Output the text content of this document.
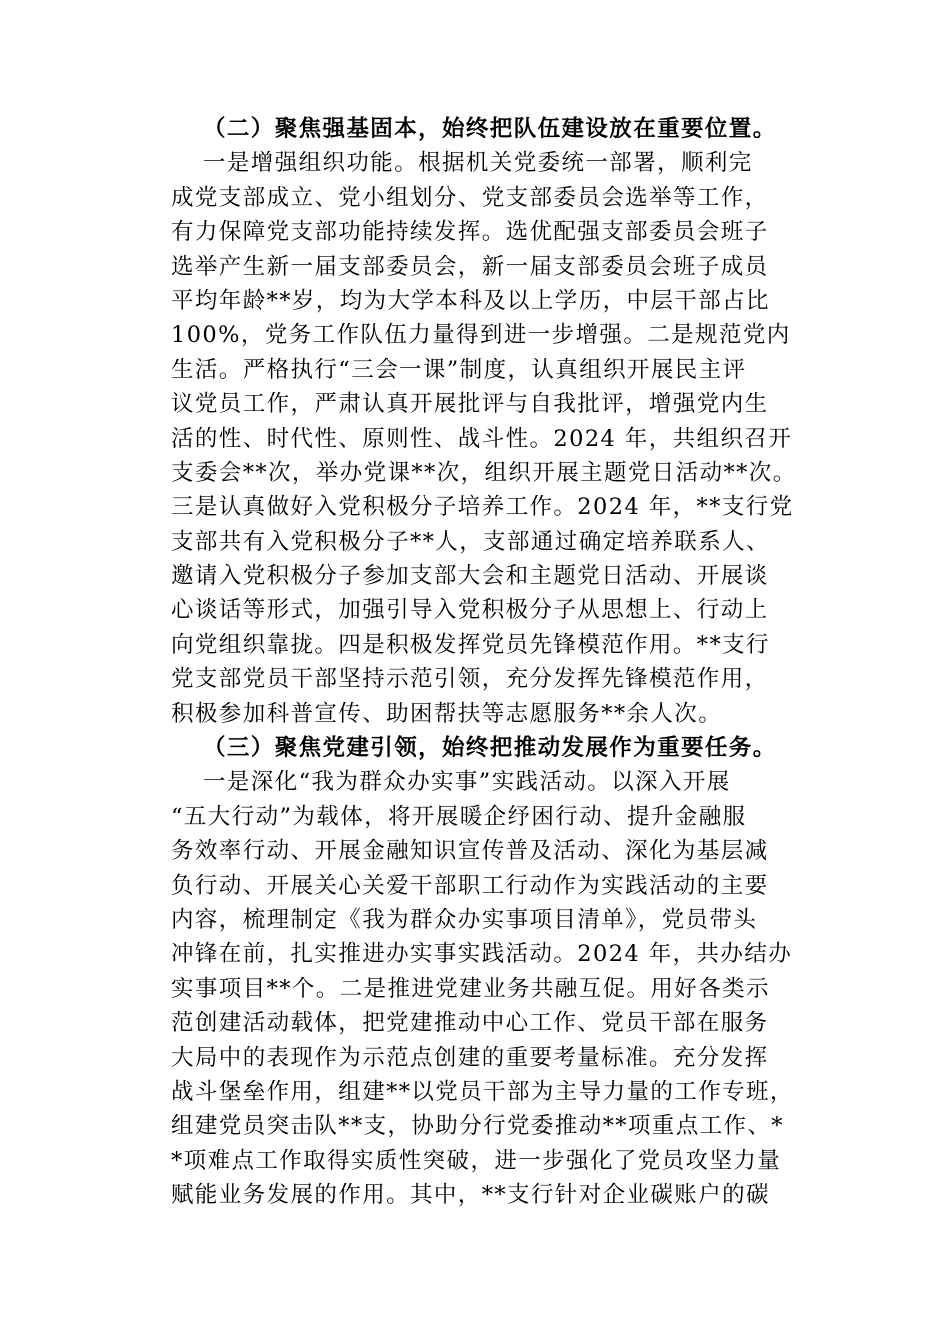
（二）聚焦强基固本，始终把队伍建设放在重要位置。
一是增强组织功能。根据机关党委统一部署，顺利完
成党支部成立、党小组划分、党支部委员会选举等工作，
有力保障党支部功能持续发挥。选优配强支部委员会班子
选举产生新一届支部委员会，新一届支部委员会班子成员
平均年龄**岁，均为大学本科及以上学历，中层干部占比
100%，党务工作队伍力量得到进一步增强。二是规范党内
生活。严格执行“三会一课”制度，认真组织开展民主评
议党员工作，严肃认真开展批评与自我批评，增强党内生
活的性、时代性、原则性、战斗性。2024 年，共组织召开
支委会**次，举办党课**次，组织开展主题党日活动**次。
三是认真做好入党积极分子培养工作。2024 年，**支行党
支部共有入党积极分子**人，支部通过确定培养联系人、
邀请入党积极分子参加支部大会和主题党日活动、开展谈
心谈话等形式，加强引导入党积极分子从思想上、行动上
向党组织靠拢。四是积极发挥党员先锋模范作用。**支行
党支部党员干部坚持示范引领，充分发挥先锋模范作用，
积极参加科普宣传、助困帮扶等志愿服务**余人次。
（三）聚焦党建引领，始终把推动发展作为重要任务。
一是深化“我为群众办实事”实践活动。以深入开展
“五大行动”为载体，将开展暖企纾困行动、提升金融服
务效率行动、开展金融知识宣传普及活动、深化为基层减
负行动、开展关心关爱干部职工行动作为实践活动的主要
内容，梳理制定《我为群众办实事项目清单》，党员带头
冲锋在前，扎实推进办实事实践活动。2024 年，共办结办
实事项目**个。二是推进党建业务共融互促。用好各类示
范创建活动载体，把党建推动中心工作、党员干部在服务
大局中的表现作为示范点创建的重要考量标准。充分发挥
战斗堡垒作用，组建**以党员干部为主导力量的工作专班，
组建党员突击队**支，协助分行党委推动**项重点工作、*
*项难点工作取得实质性突破，进一步强化了党员攻坚力量
赋能业务发展的作用。其中，**支行针对企业碳账户的碳
